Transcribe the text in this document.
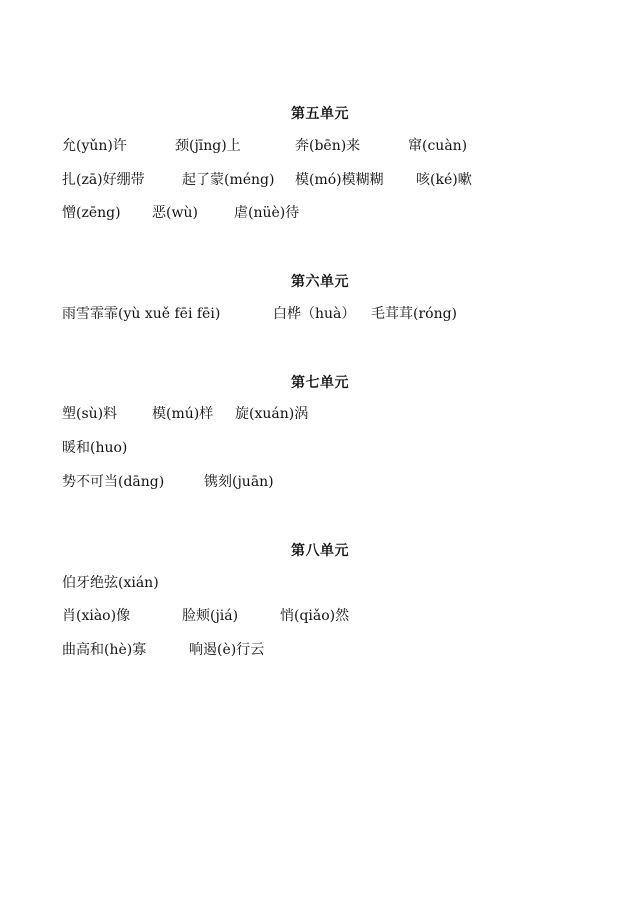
第五单元
允(yǔn)许	颈(jīng)上	奔(bēn)来	窜(cuàn)
扎(zā)好绷带	起了蒙(méng) 模(mó)模糊糊 咳(ké)嗽
憎(zēng) 恶(wù)	虐(nüè)待
第六单元
雨雪霏霏(yù xuě fēi fēi)	白桦（huà） 毛茸茸(róng)
第七单元
塑(sù)料 模(mú)样 旋(xuán)涡
暖和(huo)
势不可当(dāng)	镌刻(juān)
第八单元
伯牙绝弦(xián)
肖(xiào)像	脸颊(jiá)	悄(qiǎo)然
曲高和(hè)寡	响遏(è)行云
